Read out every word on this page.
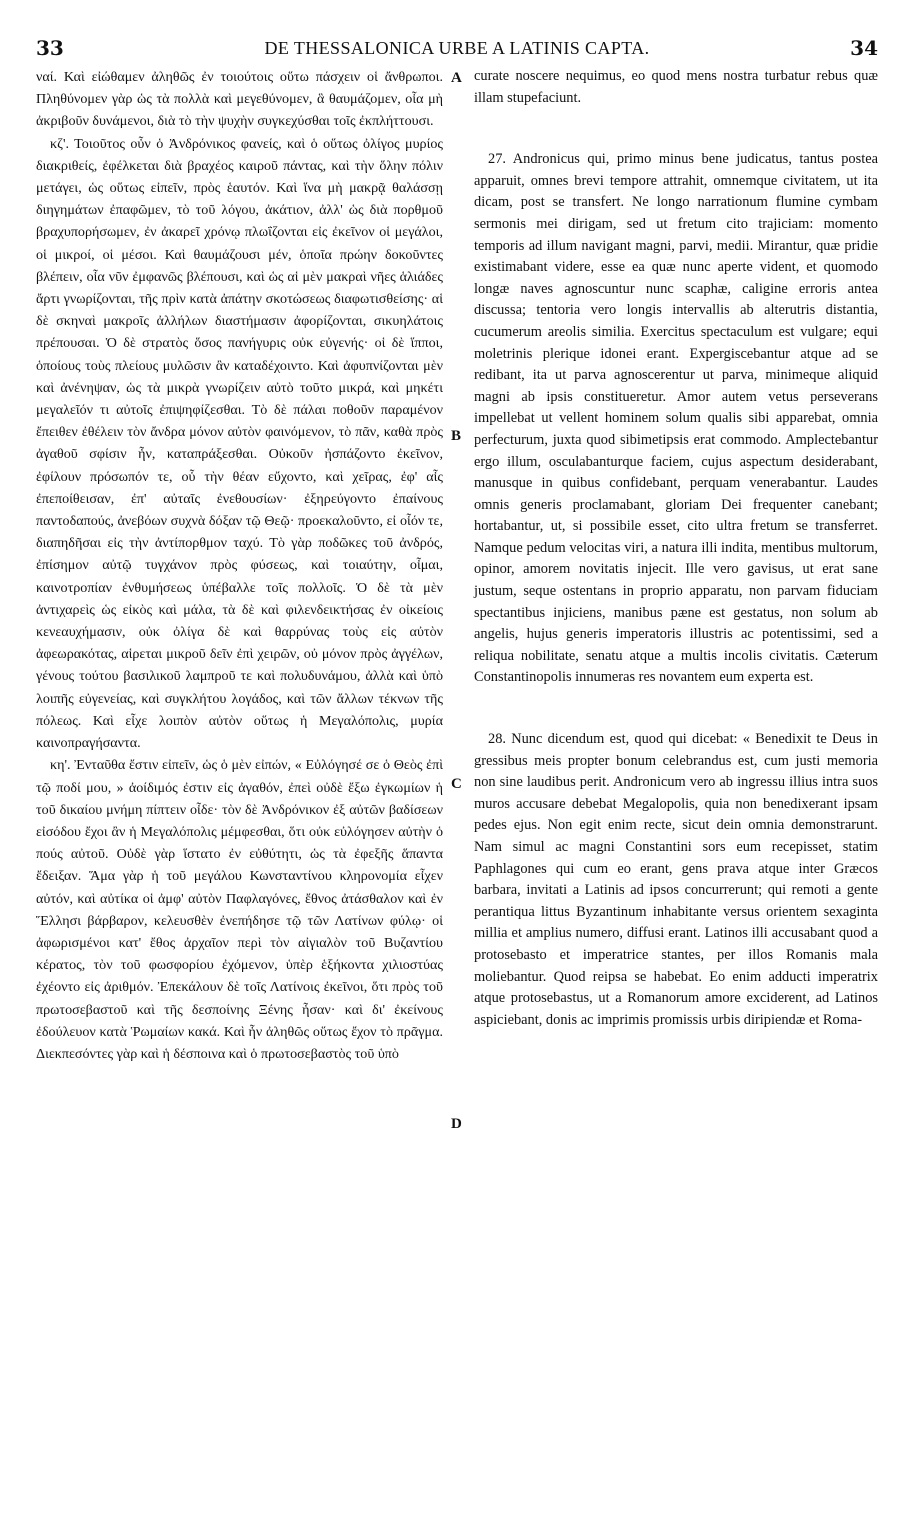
33	DE THESSALONICA URBE A LATINIS CAPTA.	34

ναί. Καὶ εἰώθαμεν ἀληθῶς ἐν τοιούτοις οὕτω πάσχειν οἱ ἄνθρωποι. Πληθύνομεν γὰρ ὡς τὰ πολλὰ καὶ μεγεθύνομεν, ἃ θαυμάζομεν, οἷα μὴ ἀκριβοῦν δυνάμενοι, διὰ τὸ τὴν ψυχὴν συγκεχύσθαι τοῖς ἐκπλήττουσι.

κζ'. Τοιοῦτος οὖν ὁ Ἀνδρόνικος φανείς, καὶ ὁ οὕτως ὀλίγος μυρίος διακριθείς, ἐφέλκεται διὰ βραχέος καιροῦ πάντας, καὶ τὴν ὅλην πόλιν μετάγει, ὡς οὕτως εἰπεῖν, πρὸς ἑαυτόν. Καὶ ἵνα μὴ μακρᾷ θαλάσσῃ διηγημάτων ἐπαφῶμεν, τὸ τοῦ λόγου, ἀκάτιον, ἀλλ' ὡς διὰ πορθμοῦ βραχυπορήσωμεν, ἐν ἀκαρεῖ χρόνῳ πλωΐζονται εἰς ἐκεῖνον οἱ μεγάλοι, οἱ μικροί, οἱ μέσοι. Καὶ θαυμάζουσι μέν, ὁποῖα πρώην δοκοῦντες βλέπειν, οἷα νῦν ἐμφανῶς βλέπουσι, καὶ ὡς αἱ μὲν μακραὶ νῆες ἁλιάδες ἄρτι γνωρίζονται, τῆς πρὶν κατὰ ἀπάτην σκοτώσεως διαφωτισθείσης· αἱ δὲ σκηναὶ μακροῖς ἀλλήλων διαστήμασιν ἀφορίζονται, σικυηλάτοις πρέπουσαι. Ὁ δὲ στρατὸς ὅσος πανήγυρις οὐκ εὐγενής· οἱ δὲ ἵπποι, ὁποίους τοὺς πλείους μυλῶσιν ἂν καταδέχοιντο. Καὶ ἀφυπνίζονται μὲν καὶ ἀνένηψαν, ὡς τὰ μικρὰ γνωρίζειν αὐτὸ τοῦτο μικρά, καὶ μηκέτι μεγαλεῖόν τι αὐτοῖς ἐπιψηφίζεσθαι. Τὸ δὲ πάλαι ποθοῦν παραμένον ἔπειθεν ἐθέλειν τὸν ἄνδρα μόνον αὐτὸν φαινόμενον, τὸ πᾶν, καθὰ πρὸς ἀγαθοῦ σφίσιν ἦν, καταπράξεσθαι. Οὐκοῦν ἠσπάζοντο ἐκεῖνον, ἐφίλουν πρόσωπόν τε, οὗ τὴν θέαν εὔχοντο, καὶ χεῖρας, ἐφ' αἷς ἐπεποίθεισαν, ἐπ' αὐταῖς ἐνεθουσίων· ἐξηρεύγοντο ἐπαίνους παντοδαπούς, ἀνεβόων συχνὰ δόξαν τῷ Θεῷ· προεκαλοῦντο, εἰ οἷόν τε, διαπηδῆσαι εἰς τὴν ἀντίπορθμον ταχύ. Τὸ γὰρ ποδῶκες τοῦ ἀνδρός, ἐπίσημον αὐτῷ τυγχάνον πρὸς φύσεως, καὶ τοιαύτην, οἶμαι, καινοτροπίαν ἐνθυμήσεως ὑπέβαλλε τοῖς πολλοῖς. Ὁ δὲ τὰ μὲν ἀντιχαρεὶς ὡς εἰκὸς καὶ μάλα, τὰ δὲ καὶ φιλενδεικτήσας ἐν οἰκείοις κενεαυχήμασιν, οὐκ ὀλίγα δὲ καὶ θαρρύνας τοὺς εἰς αὐτὸν ἀφεωρακότας, αἱρεται μικροῦ δεῖν ἐπὶ χειρῶν, οὐ μόνον πρὸς ἀγγέλων, γένους τούτου βασιλικοῦ λαμπροῦ τε καὶ πολυδυνάμου, ἀλλὰ καὶ ὑπὸ λοιπῆς εὐγενείας, καὶ συγκλήτου λογάδος, καὶ τῶν ἄλλων τέκνων τῆς πόλεως. Καὶ εἶχε λοιπὸν αὐτὸν οὕτως ἡ Μεγαλόπολις, μυρία καινοπραγήσαντα.

κη'. Ἐνταῦθα ἔστιν εἰπεῖν, ὡς ὁ μὲν εἰπών, « Εὐλόγησέ σε ὁ Θεὸς ἐπὶ τῷ ποδί μου, » ἀοίδιμός ἐστιν εἰς ἀγαθόν, ἐπεὶ οὐδὲ ἔξω ἐγκωμίων ἡ τοῦ δικαίου μνήμη πίπτειν οἶδε· τὸν δὲ Ἀνδρόνικον ἐξ αὐτῶν βαδίσεων εἰσόδου ἔχοι ἂν ἡ Μεγαλόπολις μέμφεσθαι, ὅτι οὐκ εὐλόγησεν αὐτὴν ὁ πούς αὐτοῦ. Οὐδὲ γὰρ ἵστατο ἐν εὐθύτητι, ὡς τὰ ἐφεξῆς ἅπαντα ἔδειξαν. Ἅμα γὰρ ἡ τοῦ μεγάλου Κωνσταντίνου κληρονομία εἶχεν αὐτόν, καὶ αὐτίκα οἱ ἀμφ' αὐτὸν Παφλαγόνες, ἔθνος ἀτάσθαλον καὶ ἐν Ἕλλησι βάρβαρον, κελευσθὲν ἐνεπήδησε τῷ τῶν Λατίνων φύλῳ· οἱ ἀφωρισμένοι κατ' ἔθος ἀρχαῖον περὶ τὸν αἰγιαλὸν τοῦ Βυζαντίου κέρατος, τὸν τοῦ φωσφορίου ἐχόμενον, ὑπὲρ ἑξήκοντα χιλιοστύας ἐχέοντο εἰς ἀριθμόν. Ἐπεκάλουν δὲ τοῖς Λατίνοις ἐκεῖνοι, ὅτι πρὸς τοῦ πρωτοσεβαστοῦ καὶ τῆς δεσποίνης Ξένης ἦσαν· καὶ δι' ἐκείνους ἐδούλευον κατὰ Ῥωμαίων κακά. Καὶ ἦν ἀληθῶς οὕτως ἔχον τὸ πρᾶγμα. Διεκπεσόντες γὰρ καὶ ἡ δέσποινα καὶ ὁ πρωτοσεβαστὸς τοῦ ὑπὸ

A
B
C
D

curate noscere nequimus, eo quod mens nostra turbatur rebus quæ illam stupefaciunt.

27. Andronicus qui, primo minus bene judicatus, tantus postea apparuit, omnes brevi tempore attrahit, omnemque civitatem, ut ita dicam, post se transfert. Ne longo narrationum flumine cymbam sermonis mei dirigam, sed ut fretum cito trajiciam: momento temporis ad illum navigant magni, parvi, medii. Mirantur, quæ pridie existimabant videre, esse ea quæ nunc aperte vident, et quomodo longæ naves agnoscuntur nunc scaphæ, caligine erroris antea discussa; tentoria vero longis intervallis ab alterutris distantia, cucumerum areolis similia. Exercitus spectaculum est vulgare; equi moletrinis plerique idonei erant. Expergiscebantur atque ad se redibant, ita ut parva agnoscerentur ut parva, minimeque aliquid magni ab ipsis constitueretur. Amor autem vetus perseverans impellebat ut vellent hominem solum qualis sibi apparebat, omnia perfecturum, juxta quod sibimetipsis erat commodo. Amplectebantur ergo illum, osculabanturque faciem, cujus aspectum desiderabant, manusque in quibus confidebant, perquam venerabantur. Laudes omnis generis proclamabant, gloriam Dei frequenter canebant; hortabantur, ut, si possibile esset, cito ultra fretum se transferret. Namque pedum velocitas viri, a natura illi indita, mentibus multorum, opinor, amorem novitatis injecit. Ille vero gavisus, ut erat sane justum, seque ostentans in proprio apparatu, non parvam fiduciam spectantibus injiciens, manibus pæne est gestatus, non solum ab angelis, hujus generis imperatoris illustris ac potentissimi, sed a reliqua nobilitate, senatu atque a multis incolis civitatis. Cæterum Constantinopolis innumeras res novantem eum experta est.

28. Nunc dicendum est, quod qui dicebat: « Benedixit te Deus in gressibus meis propter bonum celebrandus est, cum justi memoria non sine laudibus perit. Andronicum vero ab ingressu illius intra suos muros accusare debebat Megalopolis, quia non benedixerant ipsam pedes ejus. Non egit enim recte, sicut dein omnia demonstrarunt. Nam simul ac magni Constantini sors eum recepisset, statim Paphlagones qui cum eo erant, gens prava atque inter Græcos barbara, invitati a Latinis ad ipsos concurrerunt; qui remoti a gente perantiqua littus Byzantinum inhabitante versus orientem sexaginta millia et amplius numero, diffusi erant. Latinos illi accusabant quod a protosebasto et imperatrice stantes, per illos Romanis mala moliebantur. Quod reipsa se habebat. Eo enim adducti imperatrix atque protosebastus, ut a Romanorum amore exciderent, ad Latinos aspiciebant, donis ac imprimis promissis urbis diripiendæ et Roma-
